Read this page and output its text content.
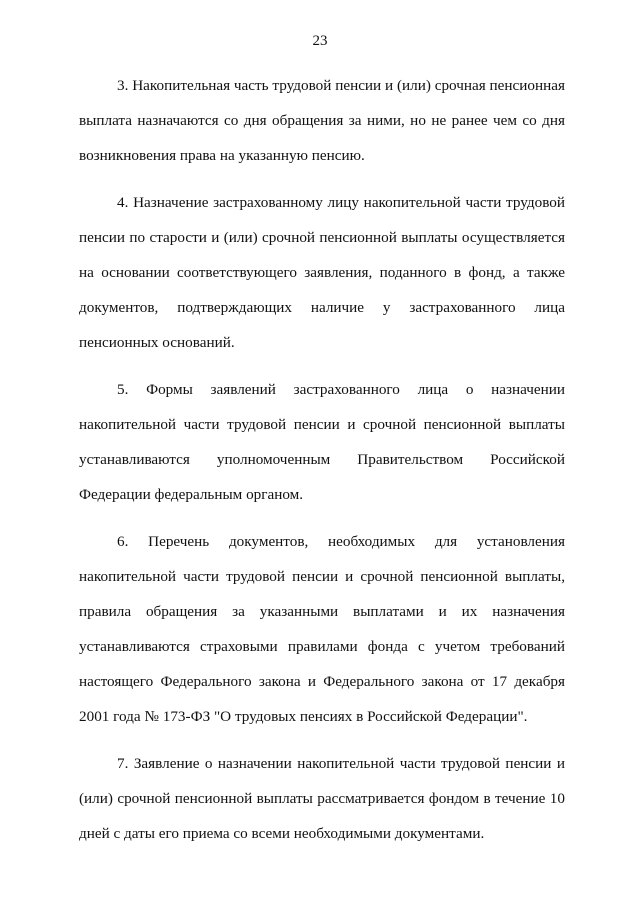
23

3. Накопительная часть трудовой пенсии и (или) срочная пенсионная выплата назначаются со дня обращения за ними, но не ранее чем со дня возникновения права на указанную пенсию.

4. Назначение застрахованному лицу накопительной части трудовой пенсии по старости и (или) срочной пенсионной выплаты осуществляется на основании соответствующего заявления, поданного в фонд, а также документов, подтверждающих наличие у застрахованного лица пенсионных оснований.

5. Формы заявлений застрахованного лица о назначении накопительной части трудовой пенсии и срочной пенсионной выплаты устанавливаются уполномоченным Правительством Российской Федерации федеральным органом.

6. Перечень документов, необходимых для установления накопительной части трудовой пенсии и срочной пенсионной выплаты, правила обращения за указанными выплатами и их назначения устанавливаются страховыми правилами фонда с учетом требований настоящего Федерального закона и Федерального закона от 17 декабря 2001 года № 173-ФЗ "О трудовых пенсиях в Российской Федерации".

7. Заявление о назначении накопительной части трудовой пенсии и (или) срочной пенсионной выплаты рассматривается фондом в течение 10 дней с даты его приема со всеми необходимыми документами.
